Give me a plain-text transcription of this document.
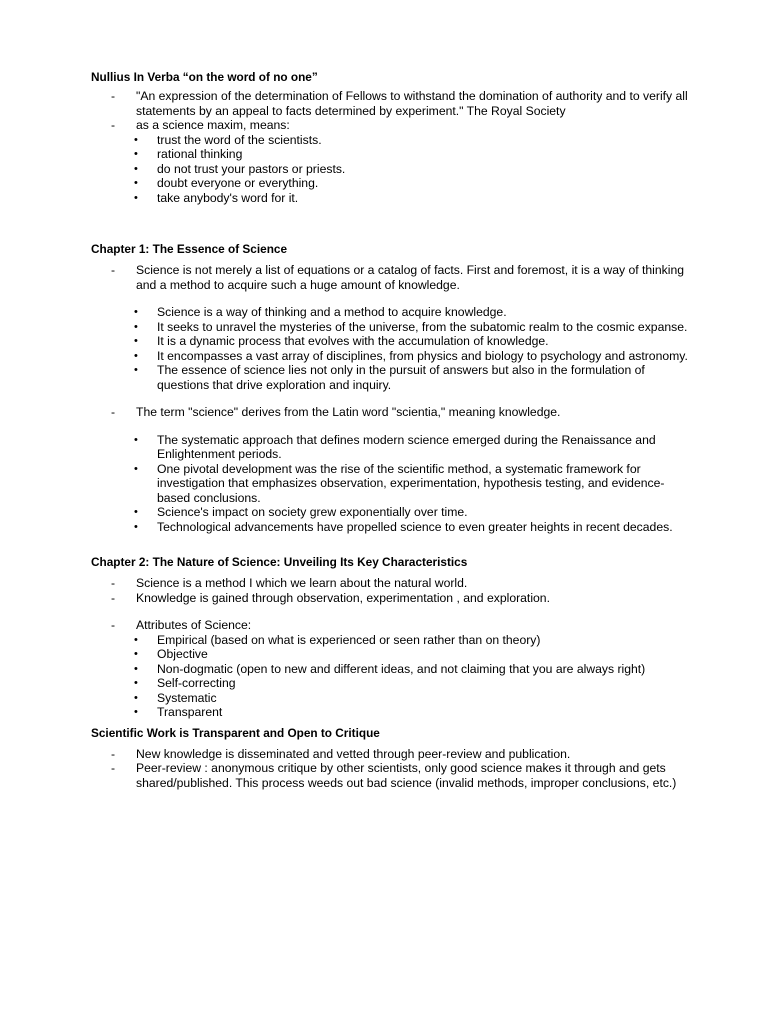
Nullius In Verba “on the word of no one”
- "An expression of the determination of Fellows to withstand the domination of authority and to verify all statements by an appeal to facts determined by experiment." The Royal Society
- as a science maxim, means:
• trust the word of the scientists.
• rational thinking
• do not trust your pastors or priests.
• doubt everyone or everything.
• take anybody's word for it.
Chapter 1: The Essence of Science
- Science is not merely a list of equations or a catalog of facts. First and foremost, it is a way of thinking and a method to acquire such a huge amount of knowledge.
• Science is a way of thinking and a method to acquire knowledge.
• It seeks to unravel the mysteries of the universe, from the subatomic realm to the cosmic expanse.
• It is a dynamic process that evolves with the accumulation of knowledge.
• It encompasses a vast array of disciplines, from physics and biology to psychology and astronomy.
• The essence of science lies not only in the pursuit of answers but also in the formulation of questions that drive exploration and inquiry.
- The term "science" derives from the Latin word "scientia," meaning knowledge.
• The systematic approach that defines modern science emerged during the Renaissance and Enlightenment periods.
• One pivotal development was the rise of the scientific method, a systematic framework for investigation that emphasizes observation, experimentation, hypothesis testing, and evidence-based conclusions.
• Science's impact on society grew exponentially over time.
• Technological advancements have propelled science to even greater heights in recent decades.
Chapter 2: The Nature of Science: Unveiling Its Key Characteristics
- Science is a method I which we learn about the natural world.
- Knowledge is gained through observation, experimentation , and exploration.
- Attributes of Science:
• Empirical (based on what is experienced or seen rather than on theory)
• Objective
• Non-dogmatic (open to new and different ideas, and not claiming that you are always right)
• Self-correcting
• Systematic
• Transparent
Scientific Work is Transparent and Open to Critique
- New knowledge is disseminated and vetted through peer-review and publication.
- Peer-review : anonymous critique by other scientists, only good science makes it through and gets shared/published. This process weeds out bad science (invalid methods, improper conclusions, etc.)
